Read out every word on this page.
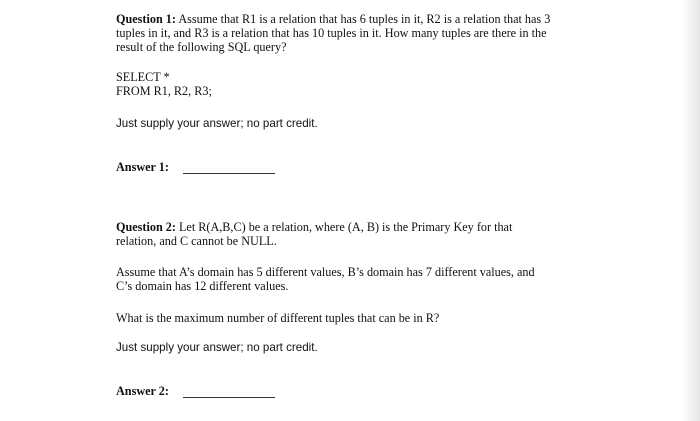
Question 1: Assume that R1 is a relation that has 6 tuples in it, R2 is a relation that has 3
tuples in it, and R3 is a relation that has 10 tuples in it. How many tuples are there in the
result of the following SQL query?
SELECT *
FROM R1, R2, R3;
Just supply your answer; no part credit.
Answer 1:
Question 2: Let R(A,B,C) be a relation, where (A, B) is the Primary Key for that
relation, and C cannot be NULL.
Assume that A’s domain has 5 different values, B’s domain has 7 different values, and
C’s domain has 12 different values.
What is the maximum number of different tuples that can be in R?
Just supply your answer; no part credit.
Answer 2:
